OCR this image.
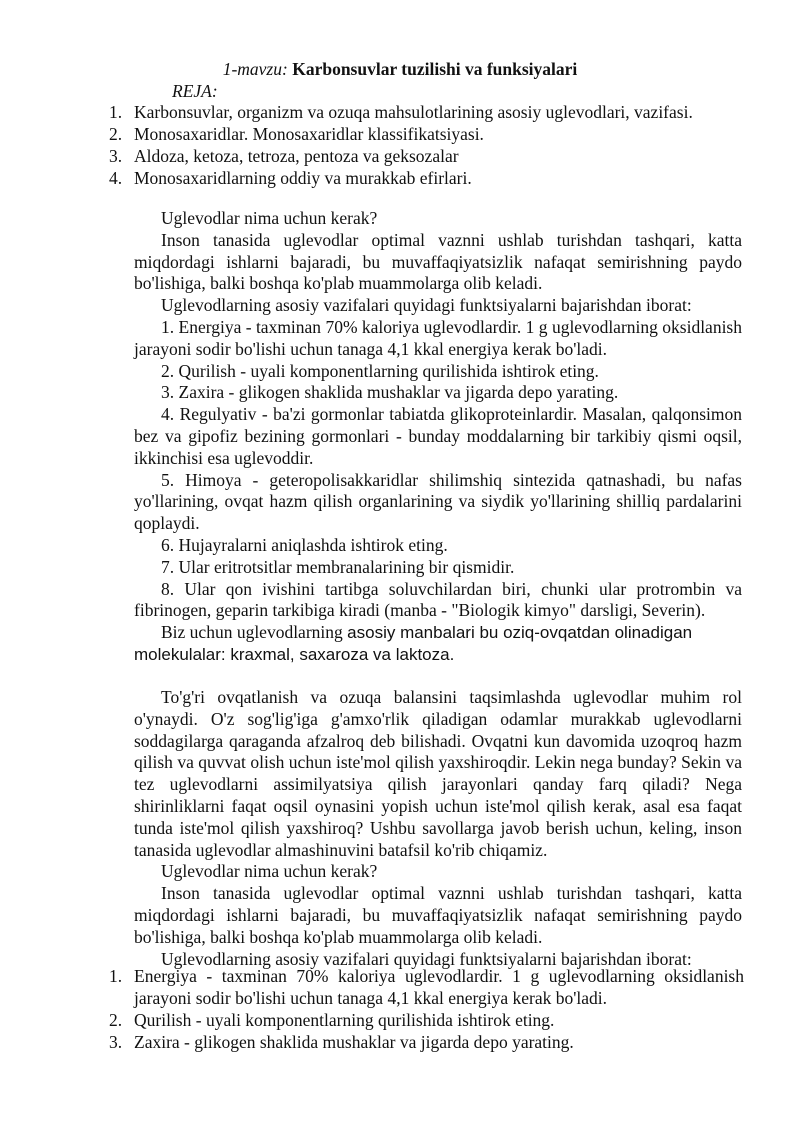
1-mavzu: Karbonsuvlar tuzilishi va funksiyalari
REJA:
1. Karbonsuvlar, organizm va ozuqa mahsulotlarining asosiy uglevodlari, vazifasi.
2. Monosaxaridlar. Monosaxaridlar klassifikatsiyasi.
3. Aldoza, ketoza, tetroza, pentoza va geksozalar
4. Monosaxaridlarning oddiy va murakkab efirlari.

Uglevodlar nima uchun kerak?

Inson tanasida uglevodlar optimal vaznni ushlab turishdan tashqari, katta miqdordagi ishlarni bajaradi, bu muvaffaqiyatsizlik nafaqat semirishning paydo bo'lishiga, balki boshqa ko'plab muammolarga olib keladi.

Uglevodlarning asosiy vazifalari quyidagi funktsiyalarni bajarishdan iborat:

1. Energiya - taxminan 70% kaloriya uglevodlardir. 1 g uglevodlarning oksidlanish jarayoni sodir bo'lishi uchun tanaga 4,1 kkal energiya kerak bo'ladi.

2. Qurilish - uyali komponentlarning qurilishida ishtirok eting.

3. Zaxira - glikogen shaklida mushaklar va jigarda depo yarating.

4. Regulyativ - ba'zi gormonlar tabiatda glikoproteinlardir. Masalan, qalqonsimon bez va gipofiz bezining gormonlari - bunday moddalarning bir tarkibiy qismi oqsil, ikkinchisi esa uglevoddir.

5. Himoya - geteropolisakkaridlar shilimshiq sintezida qatnashadi, bu nafas yo'llarining, ovqat hazm qilish organlarining va siydik yo'llarining shilliq pardalarini qoplaydi.

6. Hujayralarni aniqlashda ishtirok eting.

7. Ular eritrotsitlar membranalarining bir qismidir.

8. Ular qon ivishini tartibga soluvchilardan biri, chunki ular protrombin va fibrinogen, geparin tarkibiga kiradi (manba - "Biologik kimyo" darsligi, Severin).

Biz uchun uglevodlarning asosiy manbalari bu oziq-ovqatdan olinadigan molekulalar: kraxmal, saxaroza va laktoza.

To'g'ri ovqatlanish va ozuqa balansini taqsimlashda uglevodlar muhim rol o'ynaydi. O'z sog'lig'iga g'amxo'rlik qiladigan odamlar murakkab uglevodlarni soddagilarga qaraganda afzalroq deb bilishadi. Ovqatni kun davomida uzoqroq hazm qilish va quvvat olish uchun iste'mol qilish yaxshiroqdir. Lekin nega bunday? Sekin va tez uglevodlarni assimilyatsiya qilish jarayonlari qanday farq qiladi? Nega shirinliklarni faqat oqsil oynasini yopish uchun iste'mol qilish kerak, asal esa faqat tunda iste'mol qilish yaxshiroq? Ushbu savollarga javob berish uchun, keling, inson tanasida uglevodlar almashinuvini batafsil ko'rib chiqamiz.

Uglevodlar nima uchun kerak?

Inson tanasida uglevodlar optimal vaznni ushlab turishdan tashqari, katta miqdordagi ishlarni bajaradi, bu muvaffaqiyatsizlik nafaqat semirishning paydo bo'lishiga, balki boshqa ko'plab muammolarga olib keladi.

Uglevodlarning asosiy vazifalari quyidagi funktsiyalarni bajarishdan iborat:

1. Energiya - taxminan 70% kaloriya uglevodlardir. 1 g uglevodlarning oksidlanish jarayoni sodir bo'lishi uchun tanaga 4,1 kkal energiya kerak bo'ladi.
2. Qurilish - uyali komponentlarning qurilishida ishtirok eting.
3. Zaxira - glikogen shaklida mushaklar va jigarda depo yarating.
